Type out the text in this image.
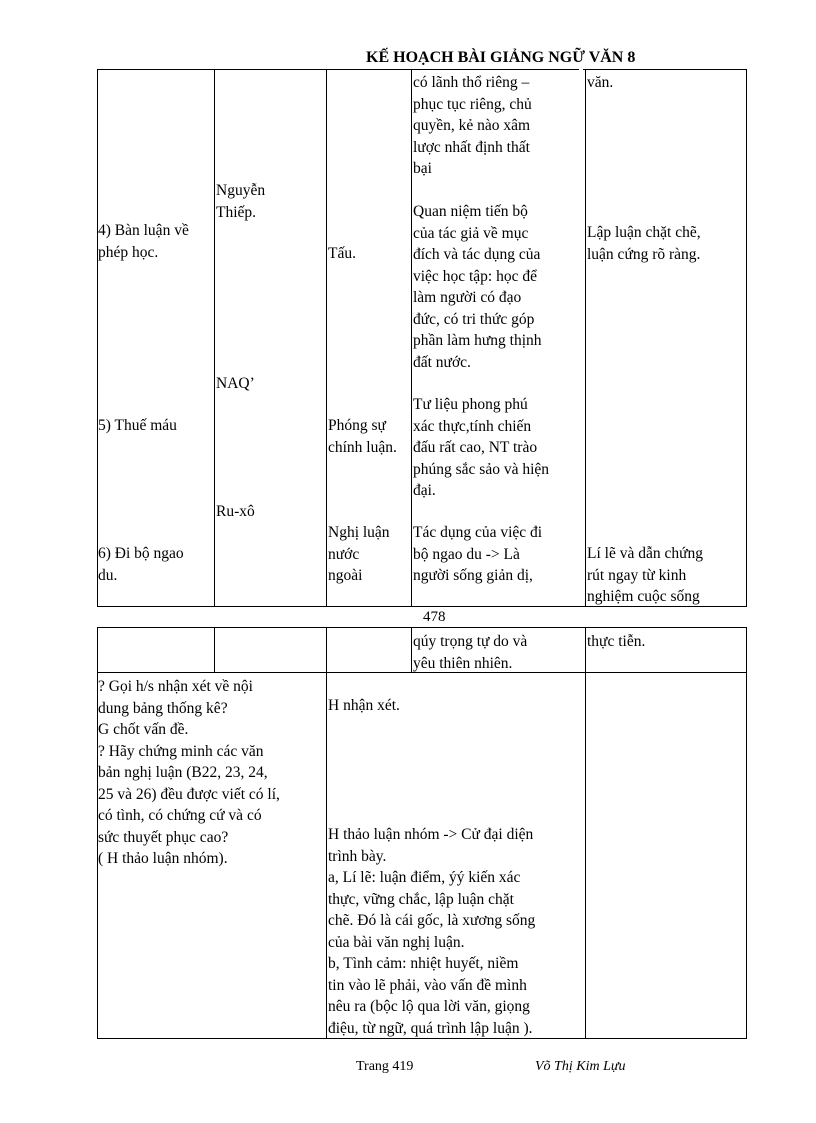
KẾ HOẠCH BÀI GIẢNG NGỮ VĂN 8
4) Bàn luận về
phép học.
5) Thuế máu
6) Đi bộ ngao
du.
Nguyễn
Thiếp.
NAQ’
Ru-xô
Tấu.
Phóng sự
chính luận.
Nghị luận
nước
ngoài
có lãnh thổ riêng –
phục tục riêng, chủ
quyền, kẻ nào xâm
lược nhất định thất
bại
Quan niệm tiến bộ
của tác giả về mục
đích và tác dụng của
việc học tập: học để
làm người có đạo
đức, có tri thức góp
phần làm hưng thịnh
đất nước.
Tư liệu phong phú
xác thực,tính chiến
đấu rất cao, NT trào
phúng sắc sảo và hiện
đại.
Tác dụng của việc đi
bộ ngao du -> Là
người sống giản dị,
văn.
Lập luận chặt chẽ,
luận cứng rõ ràng.
Lí lẽ và dẫn chứng
rút ngay từ kinh
nghiệm cuộc sống
478
qúy trọng tự do và
yêu thiên nhiên.
thực tiễn.
? Gọi h/s nhận xét về nội
dung bảng thống kê?
G chốt vấn đề.
? Hãy chứng minh các văn
bản nghị luận (B22, 23, 24,
25 và 26) đều được viết có lí,
có tình, có chứng cứ và có
sức thuyết phục cao?
( H thảo luận nhóm).
H nhận xét.
H thảo luận nhóm -> Cử đại diện
trình bày.
a, Lí lẽ: luận điểm, ýý kiến xác
thực, vững chắc, lập luận chặt
chẽ. Đó là cái gốc, là xương sống
của bài văn nghị luận.
b, Tình cảm: nhiệt huyết, niềm
tin vào lẽ phải, vào vấn đề mình
nêu ra (bộc lộ qua lời văn, giọng
điệu, từ ngữ, quá trình lập luận ).
Trang 419	Võ Thị Kim Lựu
